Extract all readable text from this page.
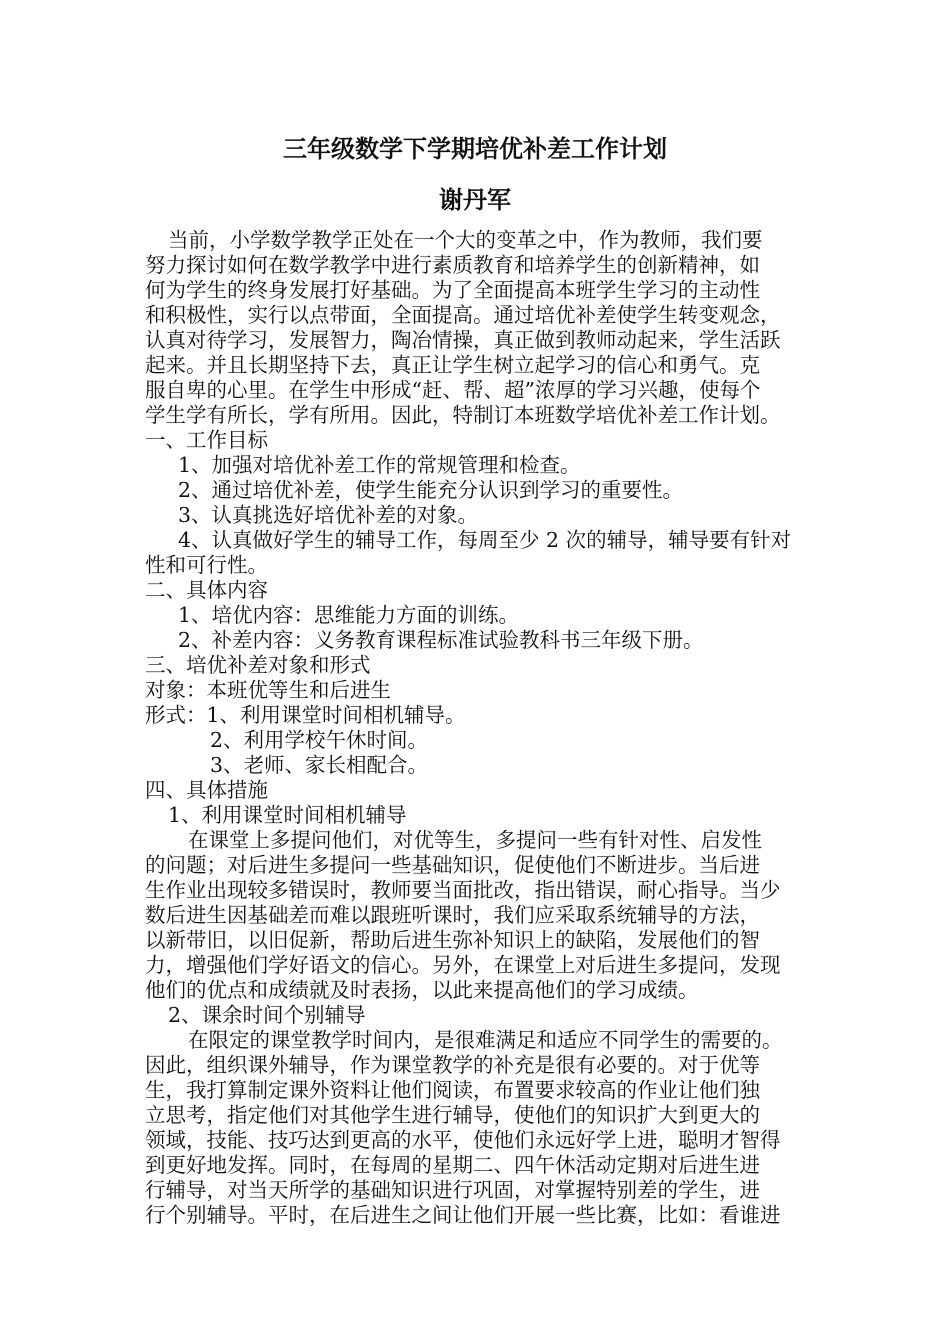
三年级数学下学期培优补差工作计划
谢丹军
当前，小学数学教学正处在一个大的变革之中，作为教师，我们要
努力探讨如何在数学教学中进行素质教育和培养学生的创新精神，如
何为学生的终身发展打好基础。为了全面提高本班学生学习的主动性
和积极性，实行以点带面，全面提高。通过培优补差使学生转变观念，
认真对待学习，发展智力，陶冶情操，真正做到教师动起来，学生活跃
起来。并且长期坚持下去，真正让学生树立起学习的信心和勇气。克
服自卑的心里。在学生中形成“赶、帮、超”浓厚的学习兴趣，使每个
学生学有所长，学有所用。因此，特制订本班数学培优补差工作计划。
一、工作目标
1、加强对培优补差工作的常规管理和检查。
2、通过培优补差，使学生能充分认识到学习的重要性。
3、认真挑选好培优补差的对象。
4、认真做好学生的辅导工作，每周至少 2 次的辅导，辅导要有针对
性和可行性。
二、具体内容
1、培优内容：思维能力方面的训练。
2、补差内容：义务教育课程标准试验教科书三年级下册。
三、培优补差对象和形式
对象：本班优等生和后进生
形式：1、利用课堂时间相机辅导。
2、利用学校午休时间。
3、老师、家长相配合。
四、具体措施
1、利用课堂时间相机辅导
在课堂上多提问他们，对优等生，多提问一些有针对性、启发性
的问题；对后进生多提问一些基础知识，促使他们不断进步。当后进
生作业出现较多错误时，教师要当面批改，指出错误，耐心指导。当少
数后进生因基础差而难以跟班听课时，我们应采取系统辅导的方法，
以新带旧，以旧促新，帮助后进生弥补知识上的缺陷，发展他们的智
力，增强他们学好语文的信心。另外，在课堂上对后进生多提问，发现
他们的优点和成绩就及时表扬，以此来提高他们的学习成绩。
2、课余时间个别辅导
在限定的课堂教学时间内，是很难满足和适应不同学生的需要的。
因此，组织课外辅导，作为课堂教学的补充是很有必要的。对于优等
生，我打算制定课外资料让他们阅读，布置要求较高的作业让他们独
立思考，指定他们对其他学生进行辅导，使他们的知识扩大到更大的
领域，技能、技巧达到更高的水平，使他们永远好学上进，聪明才智得
到更好地发挥。同时，在每周的星期二、四午休活动定期对后进生进
行辅导，对当天所学的基础知识进行巩固，对掌握特别差的学生，进
行个别辅导。平时，在后进生之间让他们开展一些比赛，比如：看谁进
